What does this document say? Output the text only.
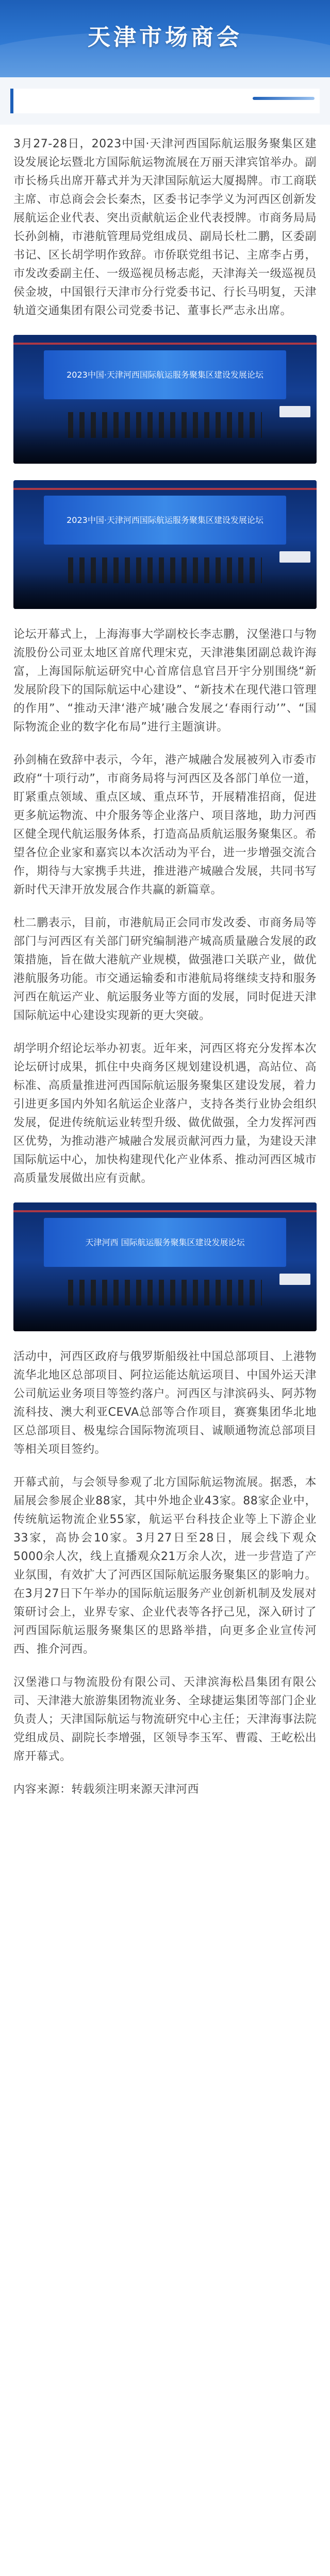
天津市场商会

3月27-28日，2023中国·天津河西国际航运服务聚集区建设发展论坛暨北方国际航运物流展在万丽天津宾馆举办。副市长杨兵出席开幕式并为天津国际航运大厦揭牌。市工商联主席、市总商会会长秦杰，区委书记李学义为河西区创新发展航运企业代表、突出贡献航运企业代表授牌。市商务局局长孙剑楠，市港航管理局党组成员、副局长杜二鹏，区委副书记、区长胡学明作致辞。市侨联党组书记、主席李占勇，市发改委副主任、一级巡视员杨志彪，天津海关一级巡视员侯金坡，中国银行天津市分行党委书记、行长马明复，天津轨道交通集团有限公司党委书记、董事长严志永出席。

论坛开幕式上，上海海事大学副校长李志鹏，汉堡港口与物流股份公司亚太地区首席代理宋克，天津港集团副总裁许海富，上海国际航运研究中心首席信息官吕开宇分别围绕“新发展阶段下的国际航运中心建设”、“新技术在现代港口管理的作用”、“推动天津‘港产城’融合发展之‘春雨行动’”、“国际物流企业的数字化布局”进行主题演讲。

孙剑楠在致辞中表示，今年，港产城融合发展被列入市委市政府“十项行动”，市商务局将与河西区及各部门单位一道，盯紧重点领域、重点区域、重点环节，开展精准招商，促进更多航运物流、中介服务等企业落户、项目落地，助力河西区健全现代航运服务体系，打造高品质航运服务聚集区。希望各位企业家和嘉宾以本次活动为平台，进一步增强交流合作，期待与大家携手共进，推进港产城融合发展，共同书写新时代天津开放发展合作共赢的新篇章。

杜二鹏表示，目前，市港航局正会同市发改委、市商务局等部门与河西区有关部门研究编制港产城高质量融合发展的政策措施，旨在做大港航产业规模，做强港口关联产业，做优港航服务功能。市交通运输委和市港航局将继续支持和服务河西在航运产业、航运服务业等方面的发展，同时促进天津国际航运中心建设实现新的更大突破。

胡学明介绍论坛举办初衷。近年来，河西区将充分发挥本次论坛研讨成果，抓住中央商务区规划建设机遇，高站位、高标准、高质量推进河西国际航运服务聚集区建设发展，着力引进更多国内外知名航运企业落户，支持各类行业协会组织发展，促进传统航运业转型升级、做优做强，全力发挥河西区优势，为推动港产城融合发展贡献河西力量，为建设天津国际航运中心，加快构建现代化产业体系、推动河西区城市高质量发展做出应有贡献。

活动中，河西区政府与俄罗斯船级社中国总部项目、上港物流华北地区总部项目、阿拉运能达航运项目、中国外运天津公司航运业务项目等签约落户。河西区与津滨码头、阿苏物流科技、澳大利亚CEVA总部等合作项目，赛赛集团华北地区总部项目、极鬼综合国际物流项目、诚顺通物流总部项目等相关项目签约。

开幕式前，与会领导参观了北方国际航运物流展。据悉，本届展会参展企业88家，其中外地企业43家。88家企业中，传统航运物流企业55家，航运平台科技企业等上下游企业33家，高协会10家。3月27日至28日，展会线下观众5000余人次，线上直播观众21万余人次，进一步营造了产业氛围，有效扩大了河西区国际航运服务聚集区的影响力。在3月27日下午举办的国际航运服务产业创新机制及发展对策研讨会上，业界专家、企业代表等各抒己见，深入研讨了河西国际航运服务聚集区的思路举措，向更多企业宣传河西、推介河西。

汉堡港口与物流股份有限公司、天津滨海松昌集团有限公司、天津港大旅游集团物流业务、全球捷运集团等部门企业负责人；天津国际航运与物流研究中心主任；天津海事法院党组成员、副院长李增强，区领导李玉军、曹霞、王屹松出席开幕式。

内容来源：转载须注明来源天津河西
